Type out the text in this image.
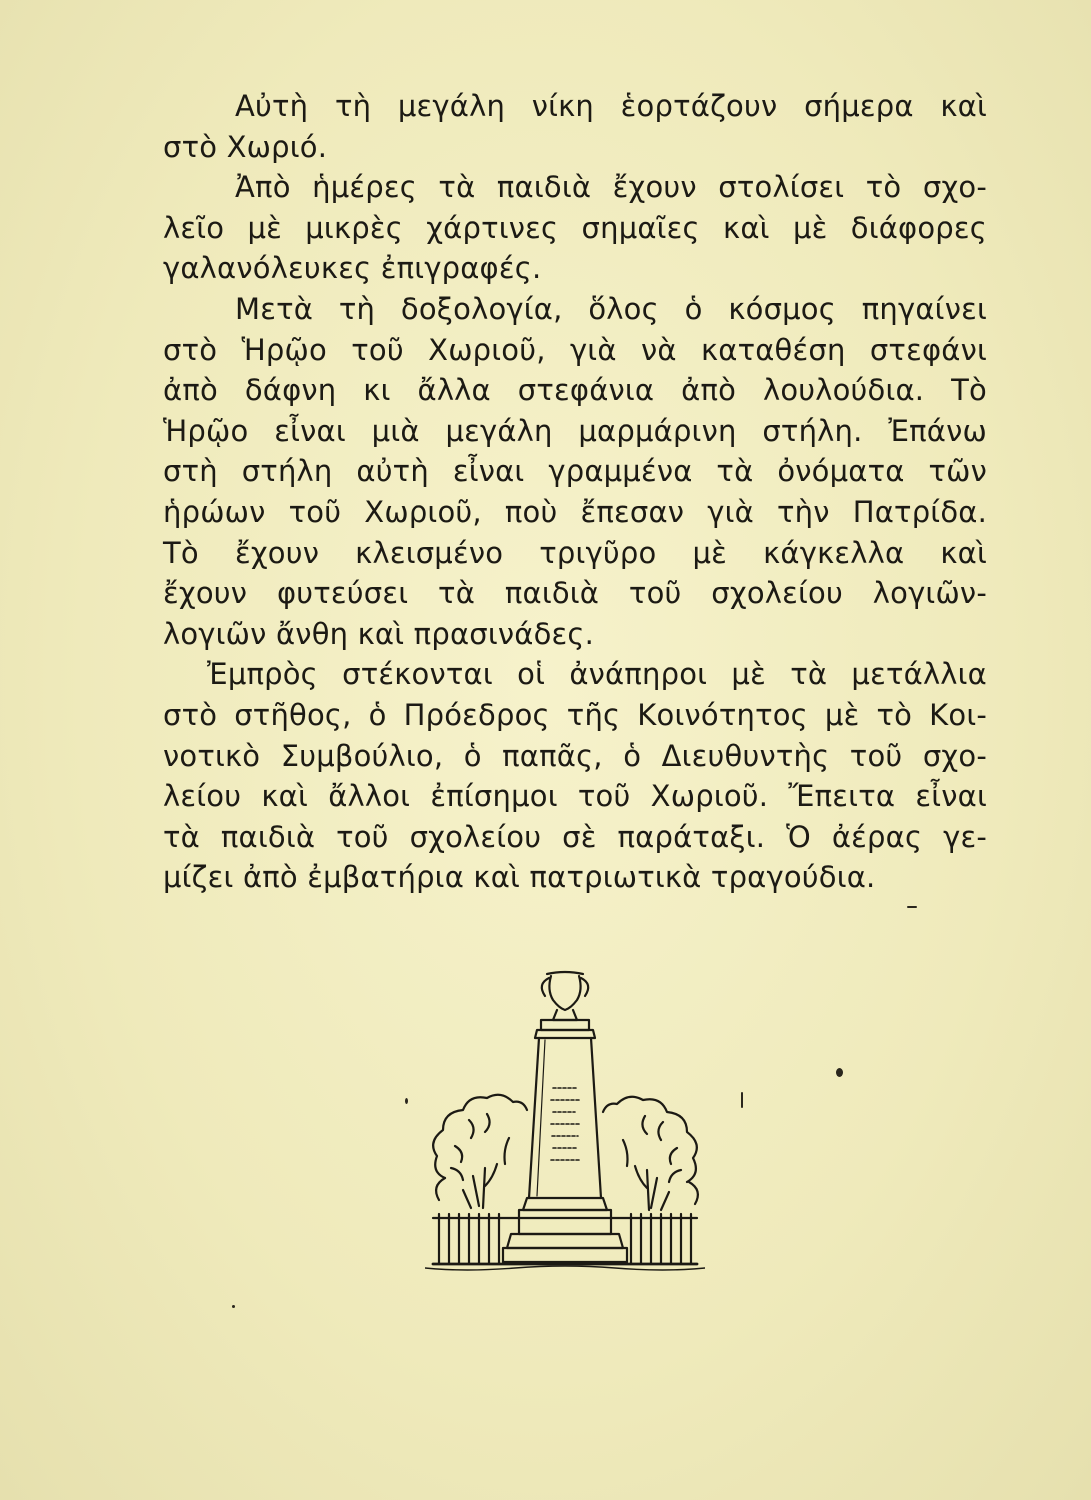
Αὐτὴ τὴ μεγάλη νίκη ἑορτάζουν σήμερα καὶ
στὸ Χωριό.
Ἀπὸ ἡμέρες τὰ παιδιὰ ἔχουν στολίσει τὸ σχο-
λεῖο μὲ μικρὲς χάρτινες σημαῖες καὶ μὲ διάφορες
γαλανόλευκες ἐπιγραφές.
Μετὰ τὴ δοξολογία, ὅλος ὁ κόσμος πηγαίνει
στὸ Ἡρῷο τοῦ Χωριοῦ, γιὰ νὰ καταθέση στεφάνι
ἀπὸ δάφνη κι ἄλλα στεφάνια ἀπὸ λουλούδια. Τὸ
Ἡρῷο εἶναι μιὰ μεγάλη μαρμάρινη στήλη. Ἐπάνω
στὴ στήλη αὐτὴ εἶναι γραμμένα τὰ ὀνόματα τῶν
ἡρώων τοῦ Χωριοῦ, ποὺ ἔπεσαν γιὰ τὴν Πατρίδα.
Τὸ ἔχουν κλεισμένο τριγῦρο μὲ κάγκελλα καὶ
ἔχουν φυτεύσει τὰ παιδιὰ τοῦ σχολείου λογιῶν-
λογιῶν ἄνθη καὶ πρασινάδες.
Ἐμπρὸς στέκονται οἱ ἀνάπηροι μὲ τὰ μετάλλια
στὸ στῆθος, ὁ Πρόεδρος τῆς Κοινότητος μὲ τὸ Κοι-
νοτικὸ Συμβούλιο, ὁ παπᾶς, ὁ Διευθυντὴς τοῦ σχο-
λείου καὶ ἄλλοι ἐπίσημοι τοῦ Χωριοῦ. Ἔπειτα εἶναι
τὰ παιδιὰ τοῦ σχολείου σὲ παράταξι. Ὁ ἀέρας γε-
μίζει ἀπὸ ἐμβατήρια καὶ πατριωτικὰ τραγούδια.
